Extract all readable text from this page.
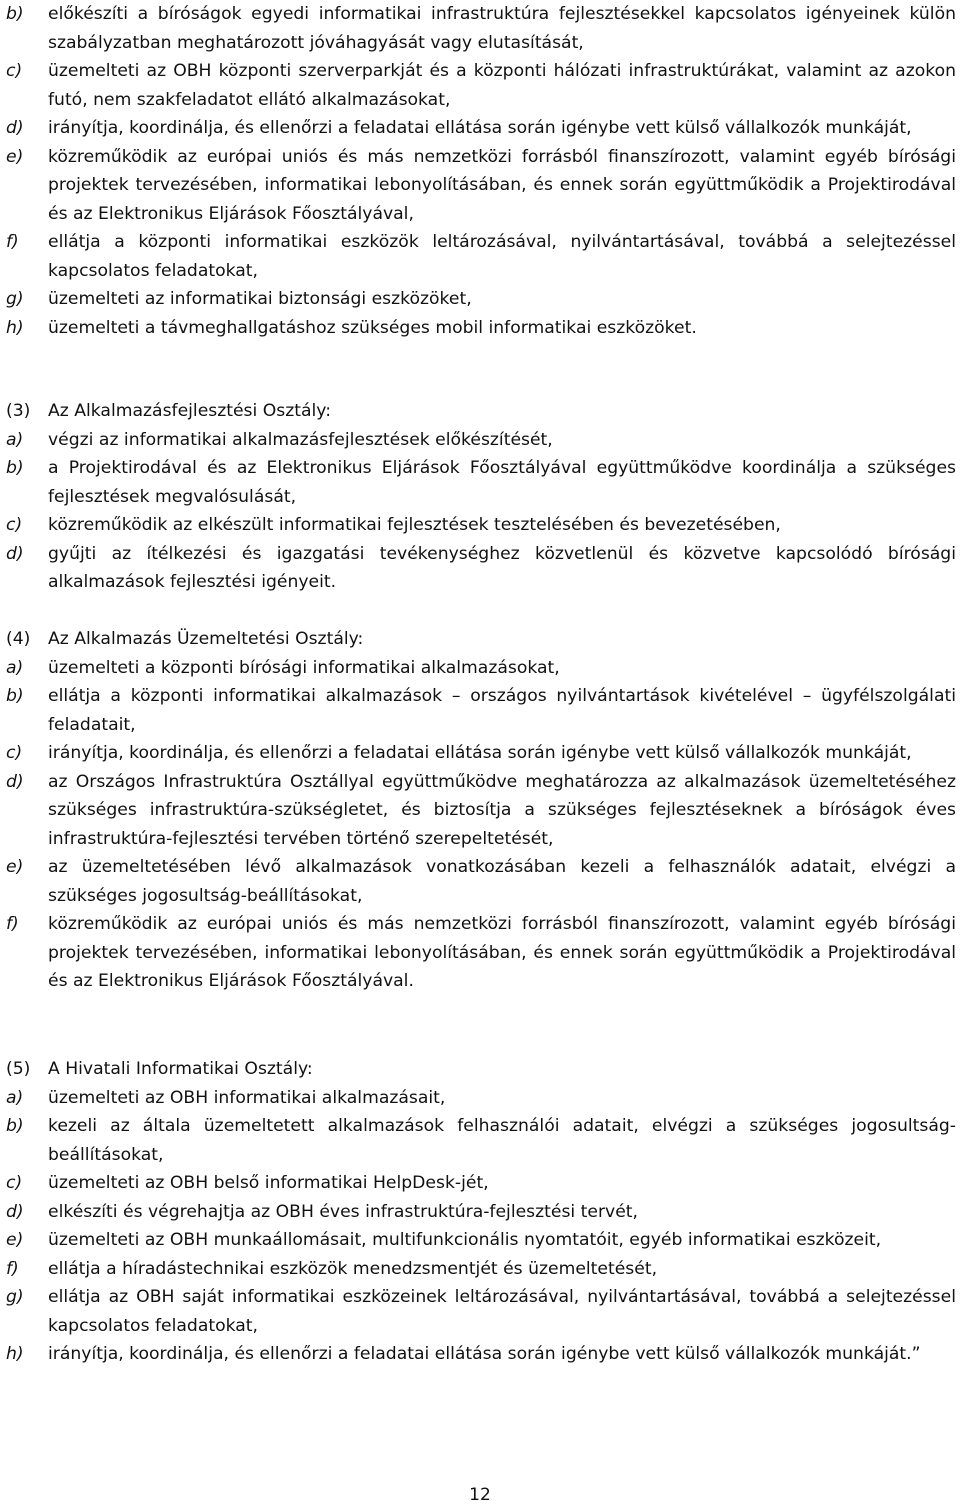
b) előkészíti a bíróságok egyedi informatikai infrastruktúra fejlesztésekkel kapcsolatos igényeinek külön szabályzatban meghatározott jóváhagyását vagy elutasítását,
c) üzemelteti az OBH központi szerverparkját és a központi hálózati infrastruktúrákat, valamint az azokon futó, nem szakfeladatot ellátó alkalmazásokat,
d) irányítja, koordinálja, és ellenőrzi a feladatai ellátása során igénybe vett külső vállalkozók munkáját,
e) közreműködik az európai uniós és más nemzetközi forrásból finanszírozott, valamint egyéb bírósági projektek tervezésében, informatikai lebonyolításában, és ennek során együttműködik a Projektirodával és az Elektronikus Eljárások Főosztályával,
f) ellátja a központi informatikai eszközök leltározásával, nyilvántartásával, továbbá a selejtezéssel kapcsolatos feladatokat,
g) üzemelteti az informatikai biztonsági eszközöket,
h) üzemelteti a távmeghallgatáshoz szükséges mobil informatikai eszközöket.
(3) Az Alkalmazásfejlesztési Osztály:
a) végzi az informatikai alkalmazásfejlesztések előkészítését,
b) a Projektirodával és az Elektronikus Eljárások Főosztályával együttműködve koordinálja a szükséges fejlesztések megvalósulását,
c) közreműködik az elkészült informatikai fejlesztések tesztelésében és bevezetésében,
d) gyűjti az ítélkezési és igazgatási tevékenységhez közvetlenül és közvetve kapcsolódó bírósági alkalmazások fejlesztési igényeit.
(4) Az Alkalmazás Üzemeltetési Osztály:
a) üzemelteti a központi bírósági informatikai alkalmazásokat,
b) ellátja a központi informatikai alkalmazások – országos nyilvántartások kivételével – ügyfélszolgálati feladatait,
c) irányítja, koordinálja, és ellenőrzi a feladatai ellátása során igénybe vett külső vállalkozók munkáját,
d) az Országos Infrastruktúra Osztállyal együttműködve meghatározza az alkalmazások üzemeltetéséhez szükséges infrastruktúra-szükségletet, és biztosítja a szükséges fejlesztéseknek a bíróságok éves infrastruktúra-fejlesztési tervében történő szerepeltetését,
e) az üzemeltetésében lévő alkalmazások vonatkozásában kezeli a felhasználók adatait, elvégzi a szükséges jogosultság-beállításokat,
f) közreműködik az európai uniós és más nemzetközi forrásból finanszírozott, valamint egyéb bírósági projektek tervezésében, informatikai lebonyolításában, és ennek során együttműködik a Projektirodával és az Elektronikus Eljárások Főosztályával.
(5) A Hivatali Informatikai Osztály:
a) üzemelteti az OBH informatikai alkalmazásait,
b) kezeli az általa üzemeltetett alkalmazások felhasználói adatait, elvégzi a szükséges jogosultság-beállításokat,
c) üzemelteti az OBH belső informatikai HelpDesk-jét,
d) elkészíti és végrehajtja az OBH éves infrastruktúra-fejlesztési tervét,
e) üzemelteti az OBH munkaállomásait, multifunkcionális nyomtatóit, egyéb informatikai eszközeit,
f) ellátja a híradástechnikai eszközök menedzsmentjét és üzemeltetését,
g) ellátja az OBH saját informatikai eszközeinek leltározásával, nyilvántartásával, továbbá a selejtezéssel kapcsolatos feladatokat,
h) irányítja, koordinálja, és ellenőrzi a feladatai ellátása során igénybe vett külső vállalkozók munkáját.”
12
